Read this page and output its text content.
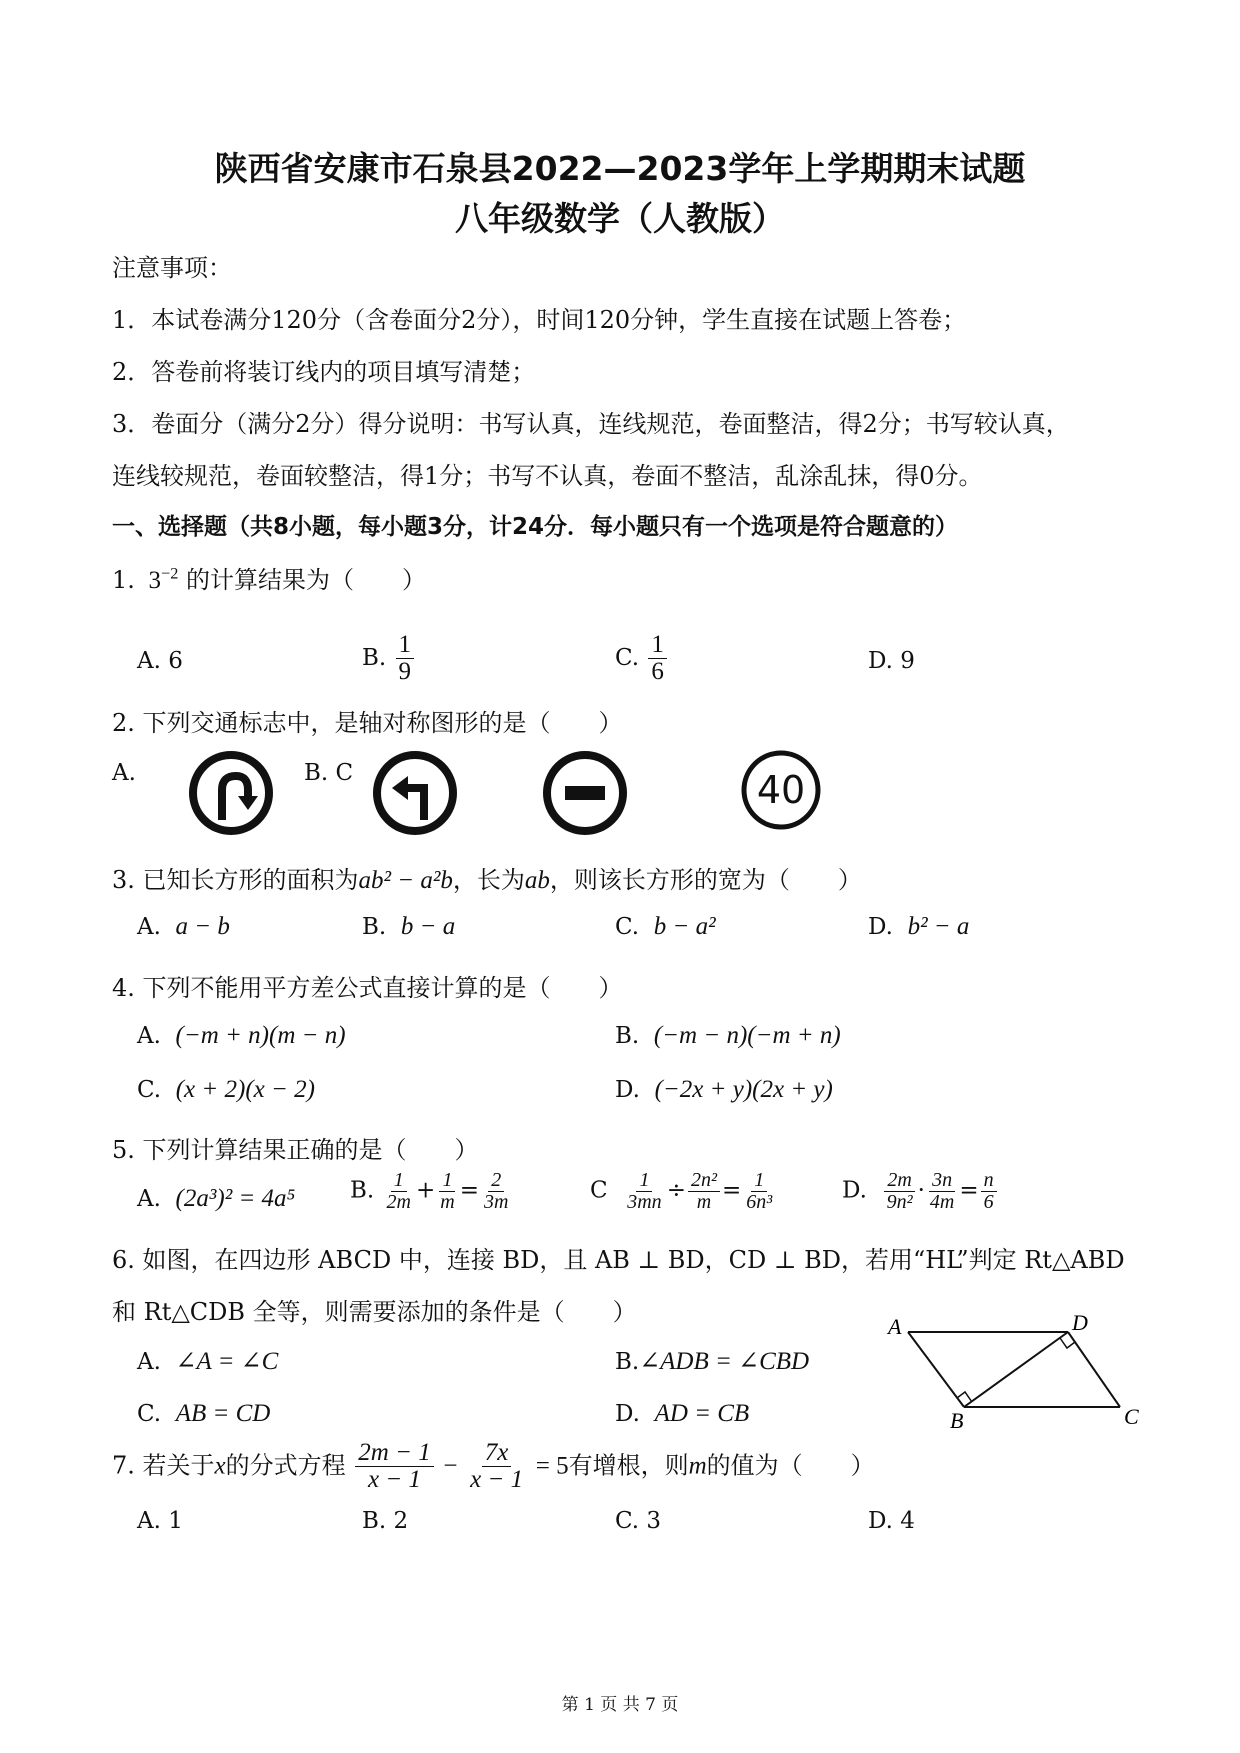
陕西省安康市石泉县2022—2023学年上学期期末试题
八年级数学（人教版）
注意事项：
1．本试卷满分120分（含卷面分2分），时间120分钟，学生直接在试题上答卷；
2．答卷前将装订线内的项目填写清楚；
3．卷面分（满分2分）得分说明：书写认真，连线规范，卷面整洁，得2分；书写较认真，
连线较规范，卷面较整洁，得1分；书写不认真，卷面不整洁，乱涂乱抹，得0分。
一、选择题（共8小题，每小题3分，计24分．每小题只有一个选项是符合题意的）
1. $3^{-2}$ 的计算结果为（　　）
A. 6	B. $\frac{1}{9}$	C. $\frac{1}{6}$	D. 9
2. 下列交通标志中，是轴对称图形的是（　　）
A.	B. C	40
3. 已知长方形的面积为ab² − a²b，长为ab，则该长方形的宽为（　　）
A. a − b	B. b − a	C. b − a²	D. b² − a
4. 下列不能用平方差公式直接计算的是（　　）
A. (−m + n)(m − n)	B. (−m − n)(−m + n)
C. (x + 2)(x − 2)	D. (−2x + y)(2x + y)
5. 下列计算结果正确的是（　　）
A. (2a³)² = 4a⁵ B. $\frac{1}{2m} + \frac{1}{m} = \frac{2}{3m}$	C $\frac{1}{3mn} \div \frac{\text{2n²}}{m} = \frac{1}{\text{6n³}}$	D. $\frac{2m}{\text{9n²}} \cdot \frac{3n}{4m} = \frac{n}{6}$
6. 如图，在四边形 ABCD 中，连接 BD，且 AB ⊥ BD，CD ⊥ BD，若用“HL”判定 Rt△ABD
和 Rt△CDB 全等，则需要添加的条件是（　　）
A. ∠A = ∠C	B.∠ADB = ∠CBD
C. AB = CD	D. AD = CB
A	D
B	C
7. 若关于x的分式方程 $\frac{2m - 1}{x - 1} - \frac{7x}{x - 1} = 5$有增根，则m的值为（　　）
A. 1	B. 2	C. 3	D. 4
第 1 页 共 7 页
